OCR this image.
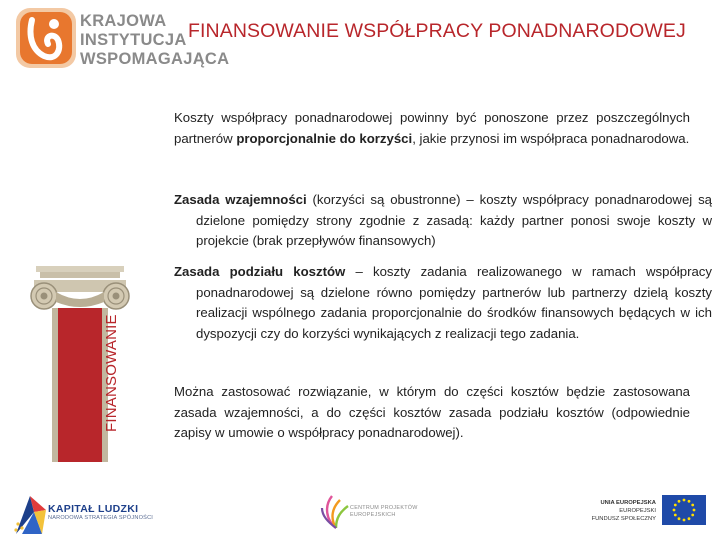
KRAJOWA
INSTYTUCJA
WSPOMAGAJĄCA
FINANSOWANIE WSPÓŁPRACY PONADNARODOWEJ
FINANSOWANIE

Koszty współpracy ponadnarodowej powinny być ponoszone przez poszczególnych partnerów proporcjonalnie do korzyści, jakie przynosi im współpraca ponadnarodowa.

Zasada wzajemności (korzyści są obustronne) – koszty współpracy ponadnarodowej są dzielone pomiędzy strony zgodnie z zasadą: każdy partner ponosi swoje koszty w projekcie (brak przepływów finansowych)

Zasada podziału kosztów – koszty zadania realizowanego w ramach współpracy ponadnarodowej są dzielone równo pomiędzy partnerów lub partnerzy dzielą koszty realizacji wspólnego zadania proporcjonalnie do środków finansowych będących w ich dyspozycji czy do korzyści wynikających z realizacji tego zadania.

Można zastosować rozwiązanie, w którym do części kosztów będzie zastosowana zasada wzajemności, a do części kosztów zasada podziału kosztów (odpowiednie zapisy w umowie o współpracy ponadnarodowej).

KAPITAŁ LUDZKI
NARODOWA STRATEGIA SPÓJNOŚCI
CENTRUM PROJEKTÓW
EUROPEJSKICH
UNIA EUROPEJSKA
EUROPEJSKI
FUNDUSZ SPOŁECZNY
